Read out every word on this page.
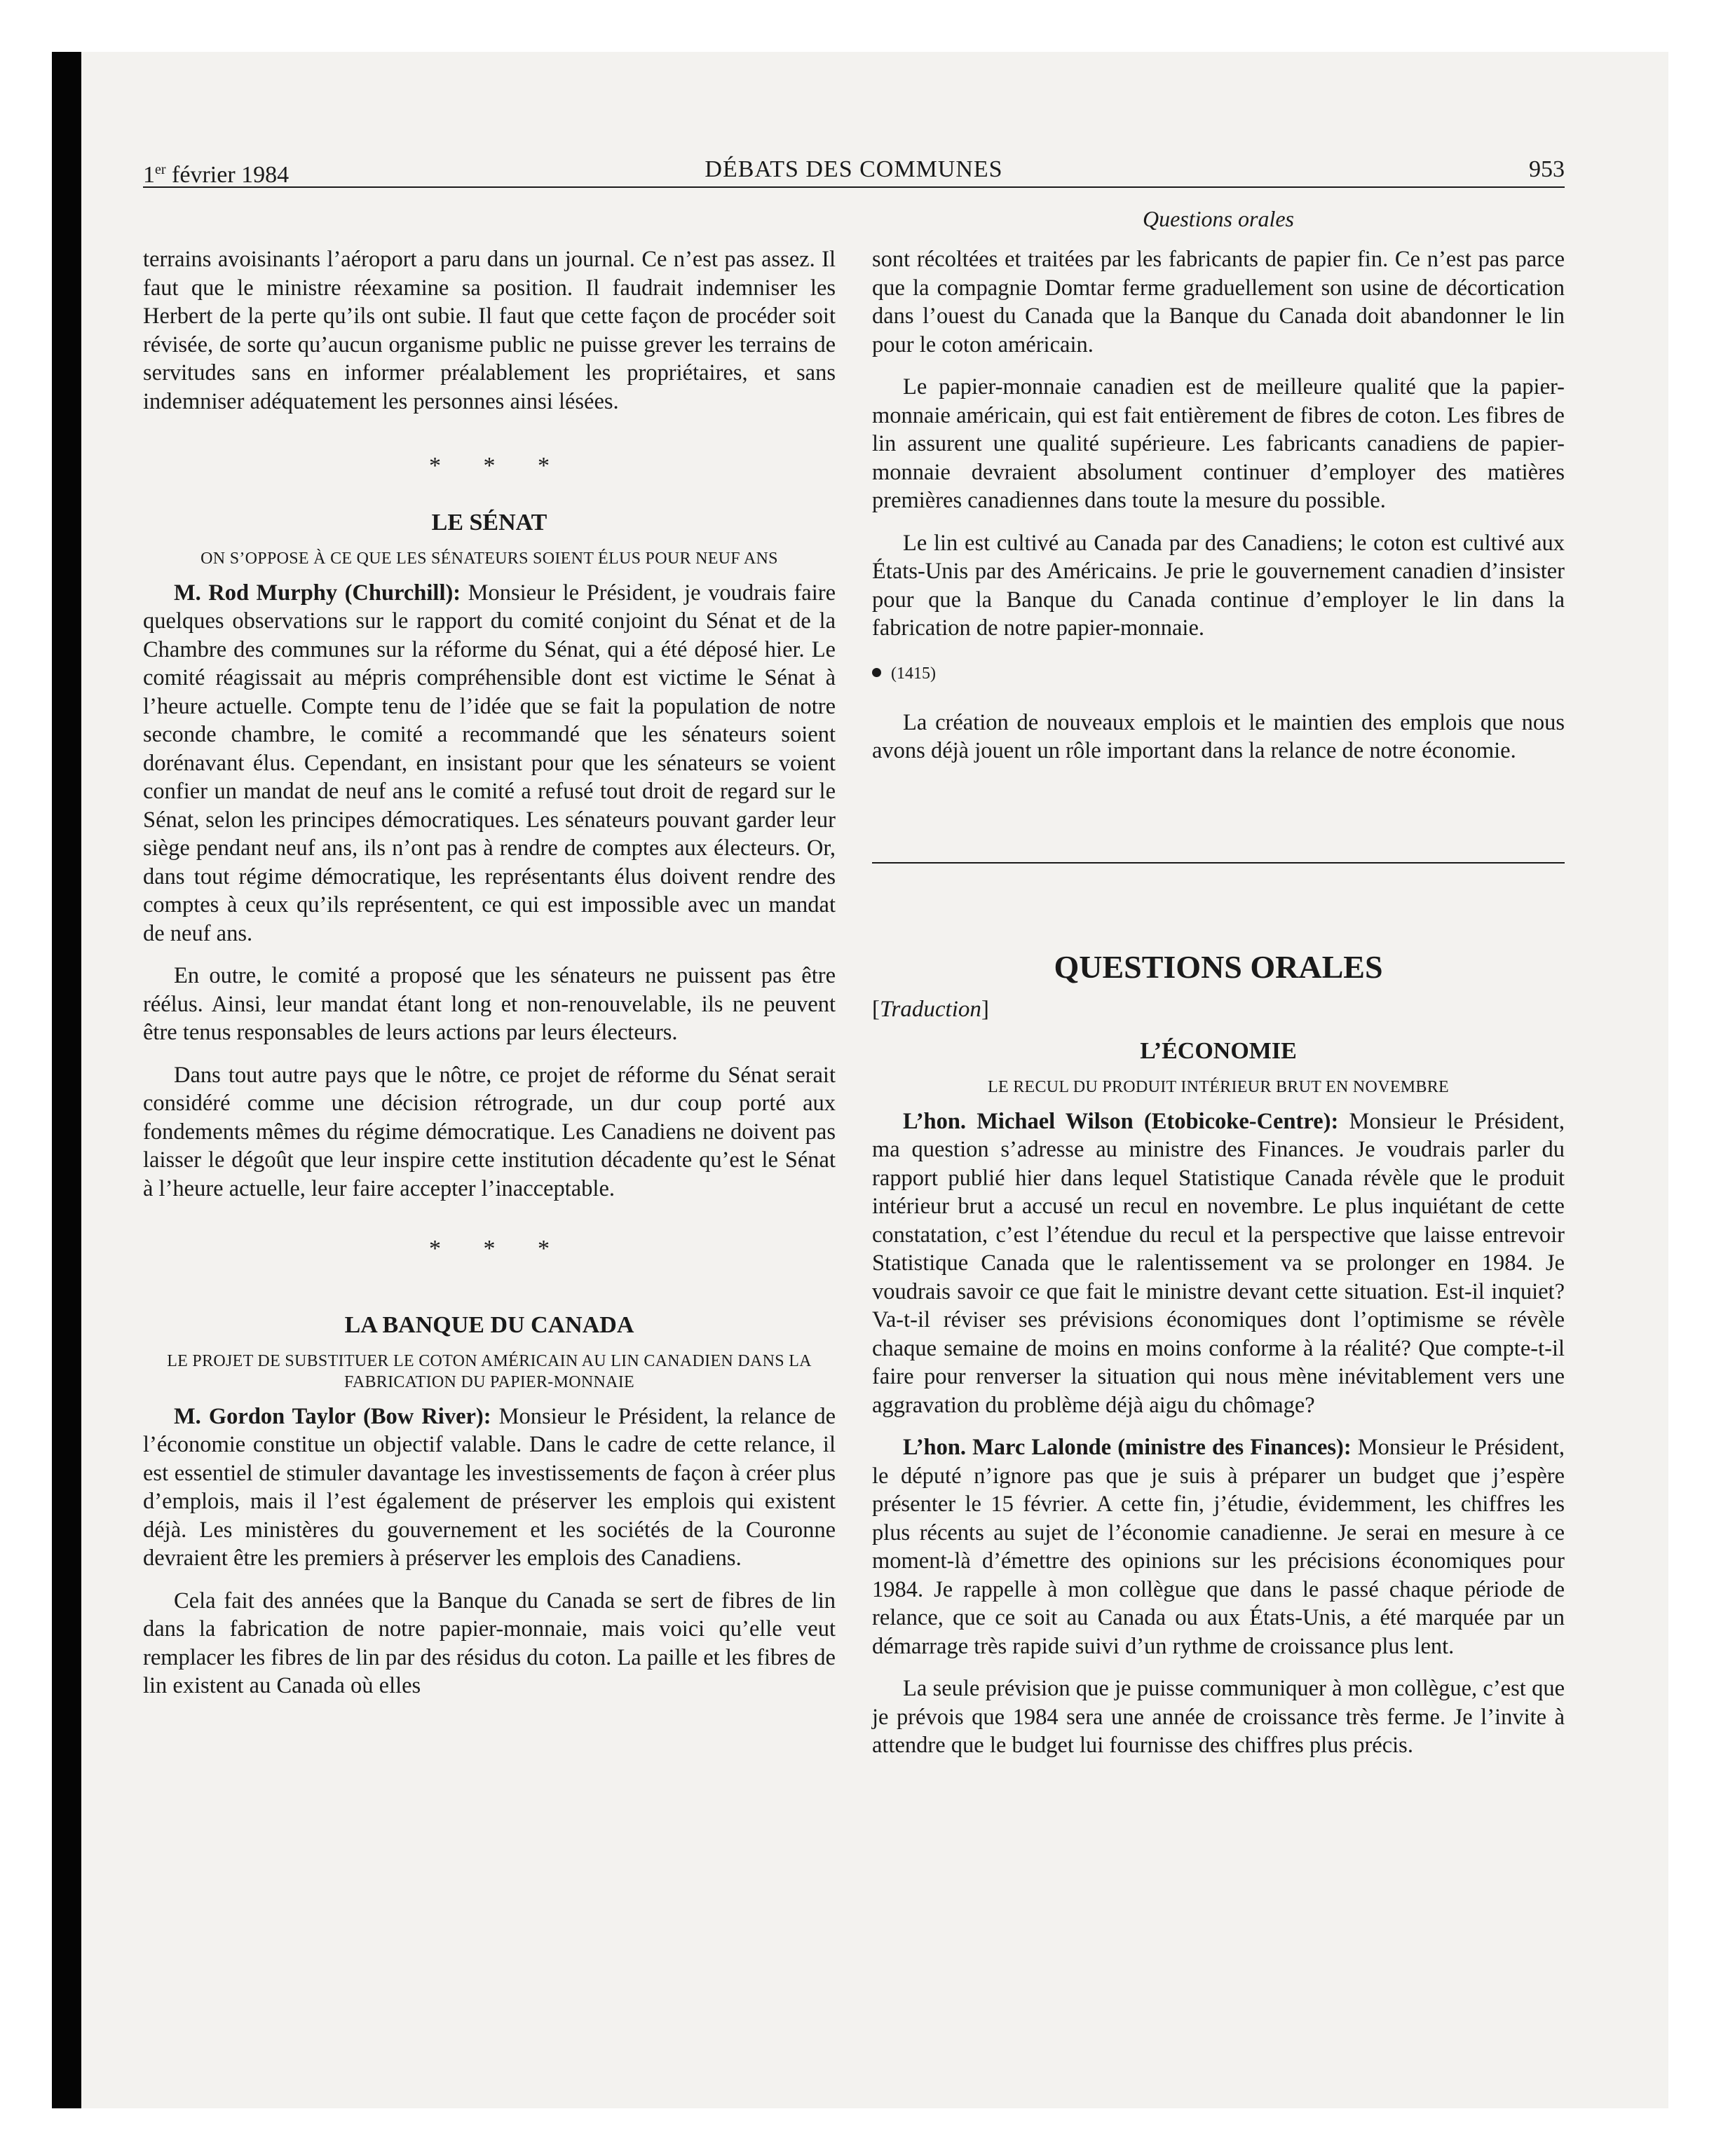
1er février 1984	DÉBATS DES COMMUNES	953
Questions orales

terrains avoisinants l’aéroport a paru dans un journal. Ce n’est pas assez. Il faut que le ministre réexamine sa position. Il faudrait indemniser les Herbert de la perte qu’ils ont subie. Il faut que cette façon de procéder soit révisée, de sorte qu’aucun organisme public ne puisse grever les terrains de servitudes sans en informer préalablement les propriétaires, et sans indemniser adéquatement les personnes ainsi lésées.

* * *
LE SÉNAT
ON S’OPPOSE À CE QUE LES SÉNATEURS SOIENT ÉLUS POUR NEUF ANS

M. Rod Murphy (Churchill): Monsieur le Président, je voudrais faire quelques observations sur le rapport du comité conjoint du Sénat et de la Chambre des communes sur la réforme du Sénat, qui a été déposé hier. Le comité réagissait au mépris compréhensible dont est victime le Sénat à l’heure actuelle. Compte tenu de l’idée que se fait la population de notre seconde chambre, le comité a recommandé que les sénateurs soient dorénavant élus. Cependant, en insistant pour que les sénateurs se voient confier un mandat de neuf ans le comité a refusé tout droit de regard sur le Sénat, selon les principes démocratiques. Les sénateurs pouvant garder leur siège pendant neuf ans, ils n’ont pas à rendre de comptes aux électeurs. Or, dans tout régime démocratique, les représentants élus doivent rendre des comptes à ceux qu’ils représentent, ce qui est impossible avec un mandat de neuf ans.

En outre, le comité a proposé que les sénateurs ne puissent pas être réélus. Ainsi, leur mandat étant long et non-renouvelable, ils ne peuvent être tenus responsables de leurs actions par leurs électeurs.

Dans tout autre pays que le nôtre, ce projet de réforme du Sénat serait considéré comme une décision rétrograde, un dur coup porté aux fondements mêmes du régime démocratique. Les Canadiens ne doivent pas laisser le dégoût que leur inspire cette institution décadente qu’est le Sénat à l’heure actuelle, leur faire accepter l’inacceptable.

* * *
LA BANQUE DU CANADA
LE PROJET DE SUBSTITUER LE COTON AMÉRICAIN AU LIN CANADIEN DANS LA FABRICATION DU PAPIER-MONNAIE

M. Gordon Taylor (Bow River): Monsieur le Président, la relance de l’économie constitue un objectif valable. Dans le cadre de cette relance, il est essentiel de stimuler davantage les investissements de façon à créer plus d’emplois, mais il l’est également de préserver les emplois qui existent déjà. Les ministères du gouvernement et les sociétés de la Couronne devraient être les premiers à préserver les emplois des Canadiens.

Cela fait des années que la Banque du Canada se sert de fibres de lin dans la fabrication de notre papier-monnaie, mais voici qu’elle veut remplacer les fibres de lin par des résidus du coton. La paille et les fibres de lin existent au Canada où elles

sont récoltées et traitées par les fabricants de papier fin. Ce n’est pas parce que la compagnie Domtar ferme graduellement son usine de décortication dans l’ouest du Canada que la Banque du Canada doit abandonner le lin pour le coton américain.

Le papier-monnaie canadien est de meilleure qualité que la papier-monnaie américain, qui est fait entièrement de fibres de coton. Les fibres de lin assurent une qualité supérieure. Les fabricants canadiens de papier-monnaie devraient absolument continuer d’employer des matières premières canadiennes dans toute la mesure du possible.

Le lin est cultivé au Canada par des Canadiens; le coton est cultivé aux États-Unis par des Américains. Je prie le gouvernement canadien d’insister pour que la Banque du Canada continue d’employer le lin dans la fabrication de notre papier-monnaie.

(1415)

La création de nouveaux emplois et le maintien des emplois que nous avons déjà jouent un rôle important dans la relance de notre économie.

QUESTIONS ORALES
[Traduction]
L’ÉCONOMIE
LE RECUL DU PRODUIT INTÉRIEUR BRUT EN NOVEMBRE

L’hon. Michael Wilson (Etobicoke-Centre): Monsieur le Président, ma question s’adresse au ministre des Finances. Je voudrais parler du rapport publié hier dans lequel Statistique Canada révèle que le produit intérieur brut a accusé un recul en novembre. Le plus inquiétant de cette constatation, c’est l’étendue du recul et la perspective que laisse entrevoir Statistique Canada que le ralentissement va se prolonger en 1984. Je voudrais savoir ce que fait le ministre devant cette situation. Est-il inquiet? Va-t-il réviser ses prévisions économiques dont l’optimisme se révèle chaque semaine de moins en moins conforme à la réalité? Que compte-t-il faire pour renverser la situation qui nous mène inévitablement vers une aggravation du problème déjà aigu du chômage?

L’hon. Marc Lalonde (ministre des Finances): Monsieur le Président, le député n’ignore pas que je suis à préparer un budget que j’espère présenter le 15 février. A cette fin, j’étudie, évidemment, les chiffres les plus récents au sujet de l’économie canadienne. Je serai en mesure à ce moment-là d’émettre des opinions sur les précisions économiques pour 1984. Je rappelle à mon collègue que dans le passé chaque période de relance, que ce soit au Canada ou aux États-Unis, a été marquée par un démarrage très rapide suivi d’un rythme de croissance plus lent.

La seule prévision que je puisse communiquer à mon collègue, c’est que je prévois que 1984 sera une année de croissance très ferme. Je l’invite à attendre que le budget lui fournisse des chiffres plus précis.
